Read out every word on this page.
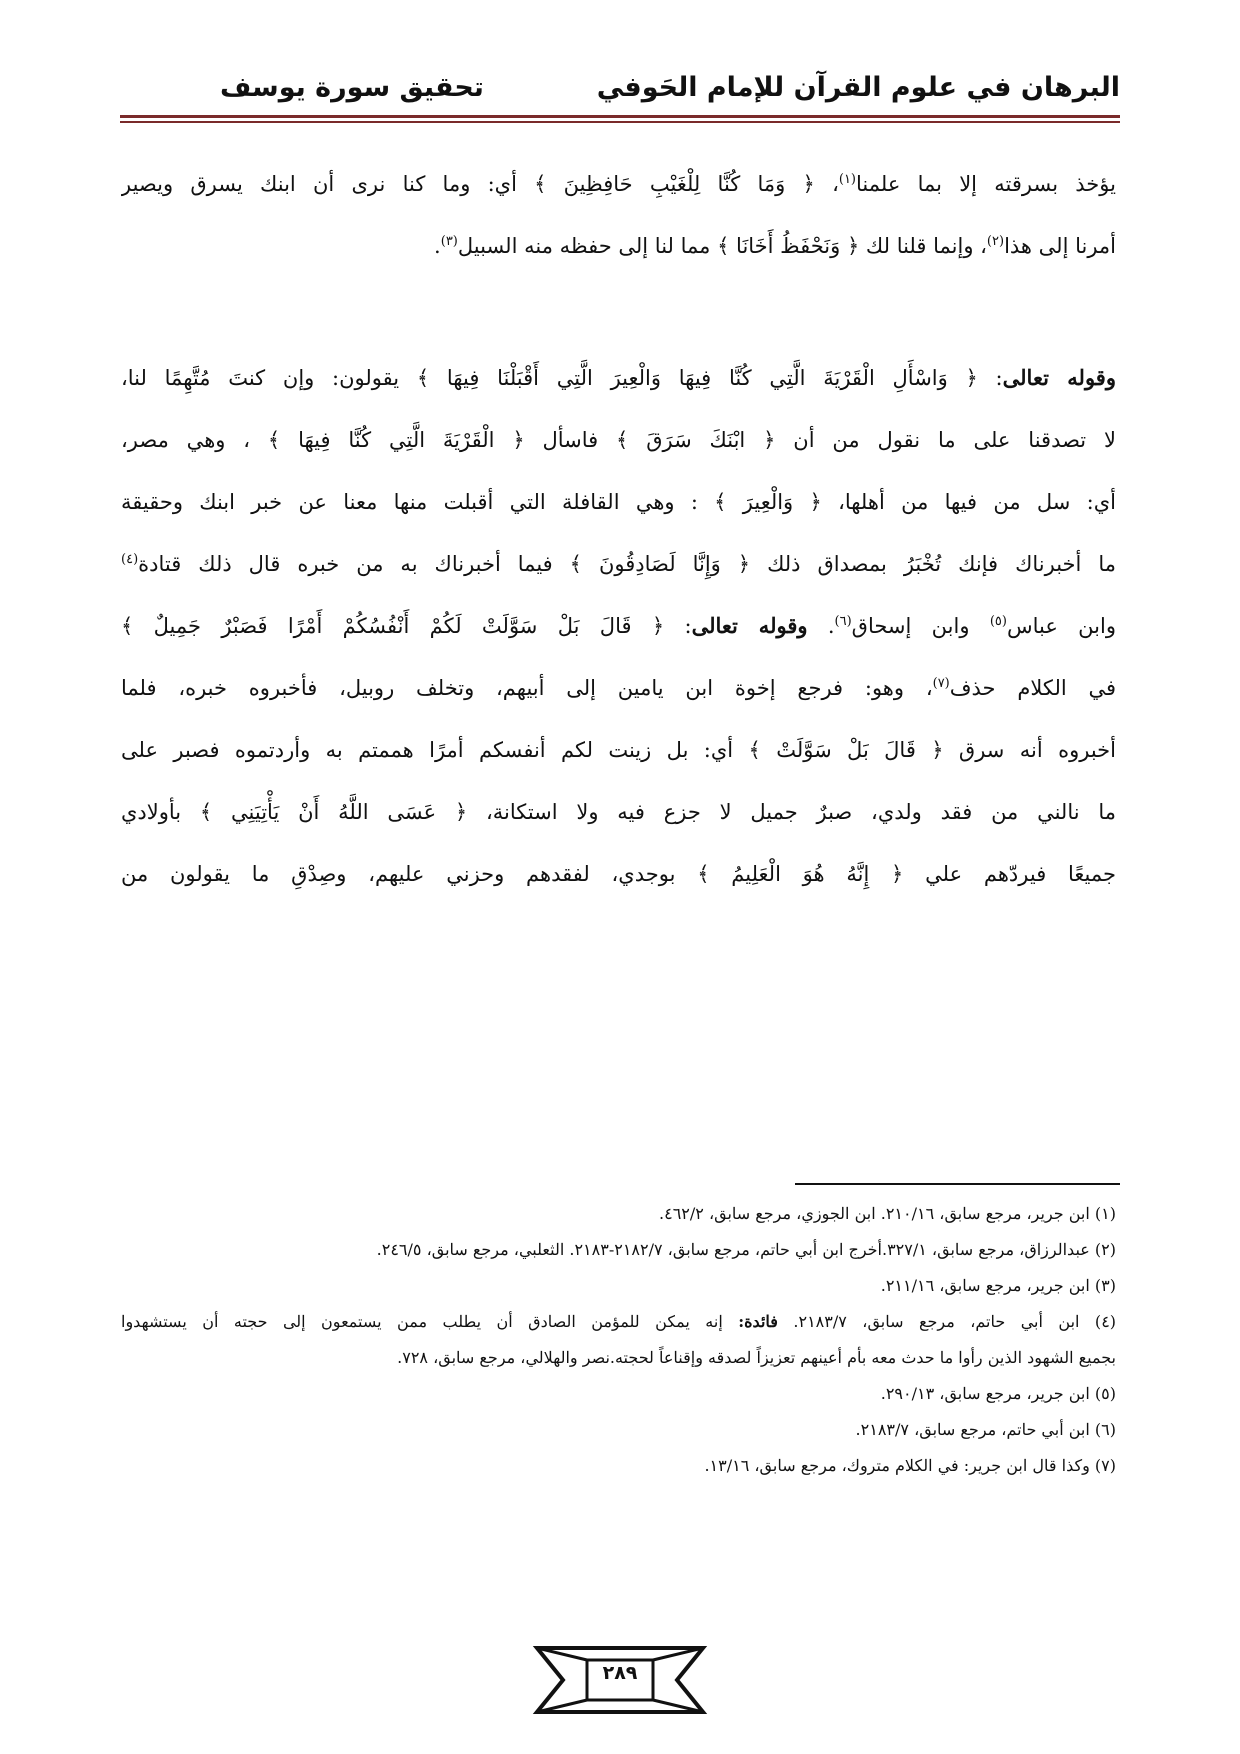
البرهان في علوم القرآن للإمام الحَوفي
تحقيق سورة يوسف
يؤخذ بسرقته إلا بما علمنا$^{(١)}$، ﴿ وَمَا كُنَّا لِلْغَيْبِ حَافِظِينَ ﴾ أي: وما كنا نرى أن ابنك يسرق ويصير
أمرنا إلى هذا$^{(٢)}$، وإنما قلنا لك ﴿ وَنَحْفَظُ أَخَانَا ﴾ مما لنا إلى حفظه منه السبيل$^{(٣)}$.
وقوله تعالى: ﴿ وَاسْأَلِ الْقَرْيَةَ الَّتِي كُنَّا فِيهَا وَالْعِيرَ الَّتِي أَقْبَلْنَا فِيهَا ﴾ يقولون: وإن كنتَ مُتَّهِمًا لنا،
لا تصدقنا على ما نقول من أن ﴿ ابْنَكَ سَرَقَ ﴾ فاسأل ﴿ الْقَرْيَةَ الَّتِي كُنَّا فِيهَا ﴾ ، وهي مصر،
أي: سل من فيها من أهلها، ﴿ وَالْعِيرَ ﴾ : وهي القافلة التي أقبلت منها معنا عن خبر ابنك وحقيقة
ما أخبرناك فإنك تُخْبَرُ بمصداق ذلك ﴿ وَإِنَّا لَصَادِقُونَ ﴾ فيما أخبرناك به من خبره قال ذلك قتادة$^{(٤)}$
وابن عباس$^{(٥)}$ وابن إسحاق$^{(٦)}$. وقوله تعالى: ﴿ قَالَ بَلْ سَوَّلَتْ لَكُمْ أَنْفُسُكُمْ أَمْرًا فَصَبْرٌ جَمِيلٌ ﴾
في الكلام حذف$^{(٧)}$، وهو: فرجع إخوة ابن يامين إلى أبيهم، وتخلف روبيل، فأخبروه خبره، فلما
أخبروه أنه سرق ﴿ قَالَ بَلْ سَوَّلَتْ ﴾ أي: بل زينت لكم أنفسكم أمرًا هممتم به وأردتموه فصبر على
ما نالني من فقد ولدي، صبرٌ جميل لا جزع فيه ولا استكانة، ﴿ عَسَى اللَّهُ أَنْ يَأْتِيَنِي ﴾ بأولادي
جميعًا فيردّهم علي ﴿ إِنَّهُ هُوَ الْعَلِيمُ ﴾ بوجدي، لفقدهم وحزني عليهم، وصِدْقِ ما يقولون من
(١) ابن جرير، مرجع سابق، ٢١٠/١٦. ابن الجوزي، مرجع سابق، ٤٦٢/٢.
(٢) عبدالرزاق، مرجع سابق، ٣٢٧/١.أخرج ابن أبي حاتم، مرجع سابق، ٢١٨٢/٧-٢١٨٣. الثعلبي، مرجع سابق، ٢٤٦/٥.
(٣) ابن جرير، مرجع سابق، ٢١١/١٦.
(٤) ابن أبي حاتم، مرجع سابق، ٢١٨٣/٧. فائدة: إنه يمكن للمؤمن الصادق أن يطلب ممن يستمعون إلى حجته أن يستشهدوا
بجميع الشهود الذين رأوا ما حدث معه بأم أعينهم تعزيزاً لصدقه وإقناعاً لحجته.نصر والهلالي، مرجع سابق، ٧٢٨.
(٥) ابن جرير، مرجع سابق، ٢٩٠/١٣.
(٦) ابن أبي حاتم، مرجع سابق، ٢١٨٣/٧.
(٧) وكذا قال ابن جرير: في الكلام متروك، مرجع سابق، ١٣/١٦.
٢٨٩
